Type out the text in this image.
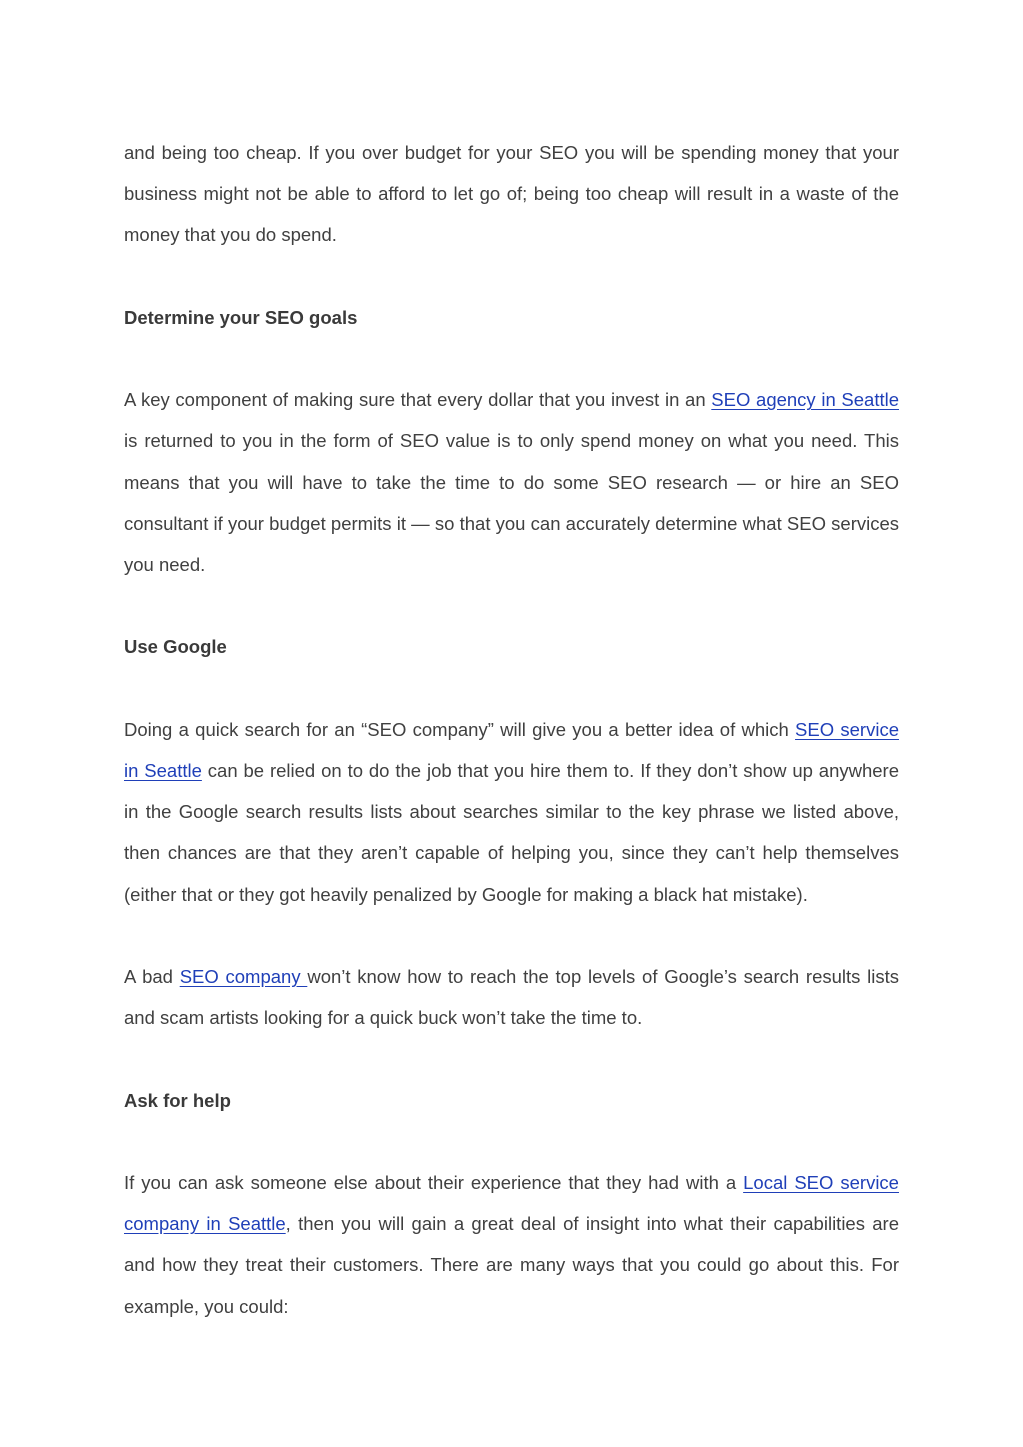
and being too cheap. If you over budget for your SEO you will be spending money that your business might not be able to afford to let go of; being too cheap will result in a waste of the money that you do spend.

Determine your SEO goals

A key component of making sure that every dollar that you invest in an SEO agency in Seattle is returned to you in the form of SEO value is to only spend money on what you need. This means that you will have to take the time to do some SEO research — or hire an SEO consultant if your budget permits it — so that you can accurately determine what SEO services you need.

Use Google

Doing a quick search for an “SEO company” will give you a better idea of which SEO service in Seattle can be relied on to do the job that you hire them to. If they don’t show up anywhere in the Google search results lists about searches similar to the key phrase we listed above, then chances are that they aren’t capable of helping you, since they can’t help themselves (either that or they got heavily penalized by Google for making a black hat mistake).

A bad SEO company won’t know how to reach the top levels of Google’s search results lists and scam artists looking for a quick buck won’t take the time to.

Ask for help

If you can ask someone else about their experience that they had with a Local SEO service company in Seattle, then you will gain a great deal of insight into what their capabilities are and how they treat their customers. There are many ways that you could go about this. For example, you could:
